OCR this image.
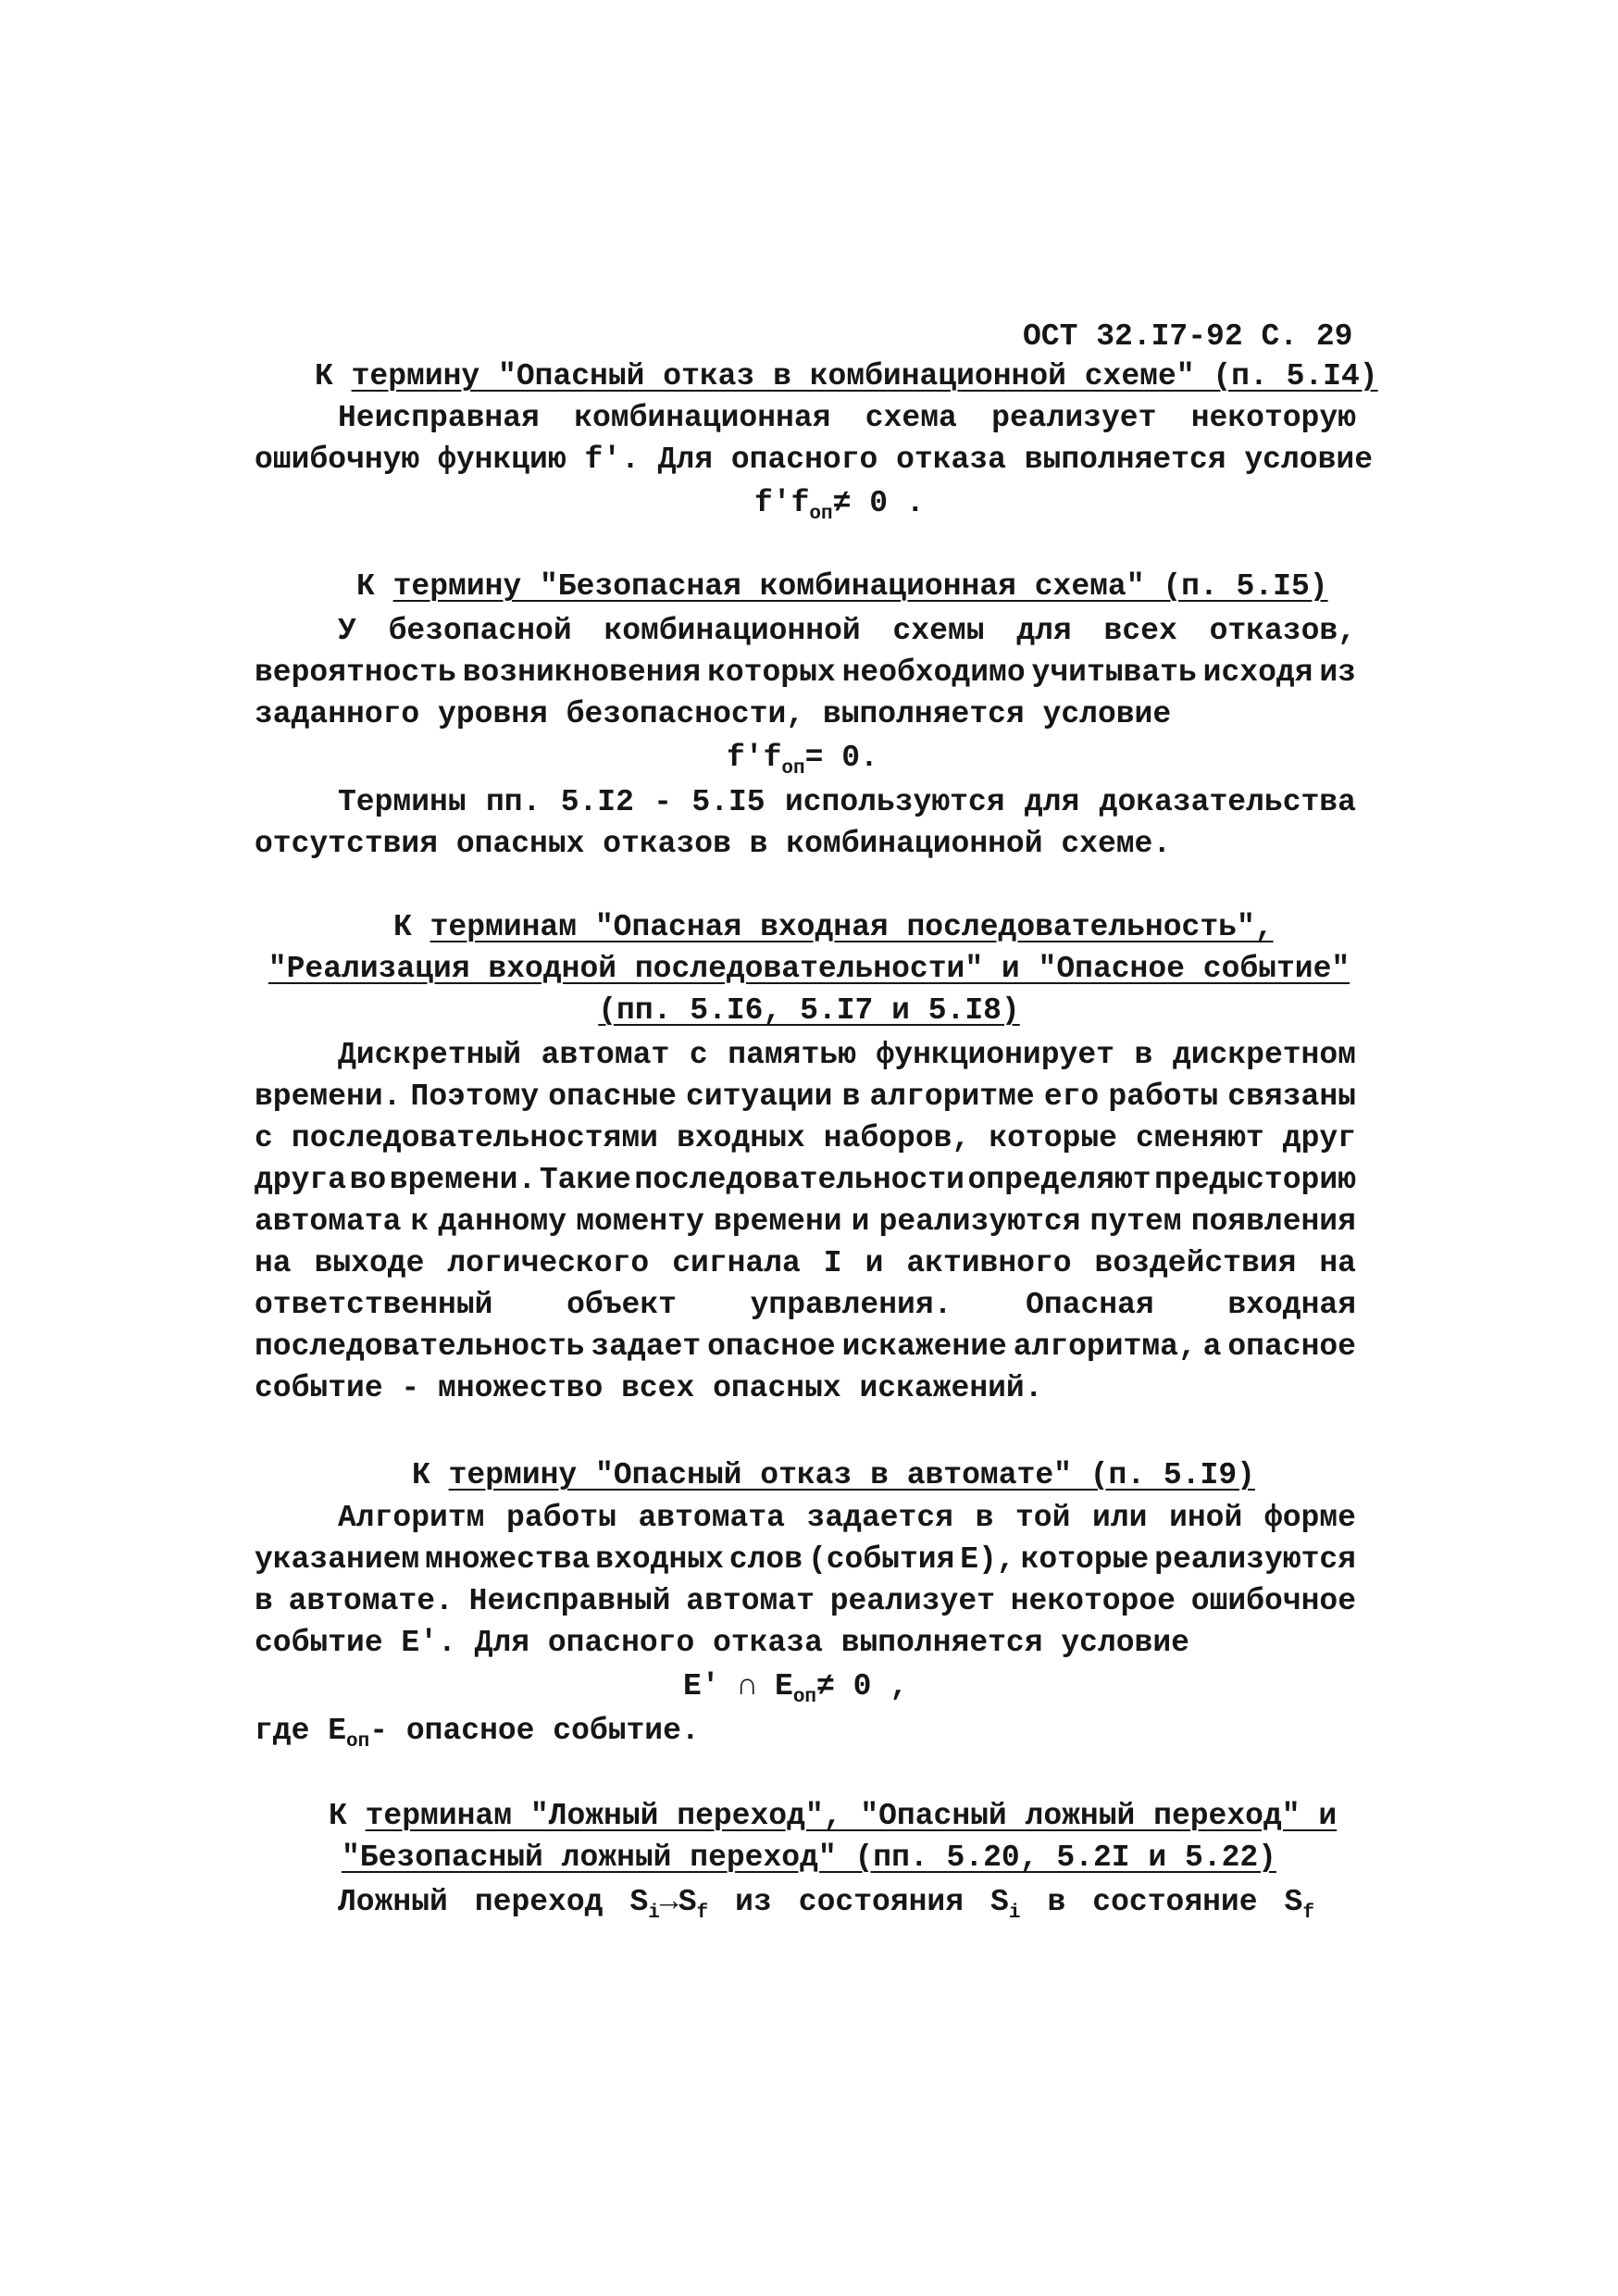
ОСТ 32.I7-92 С. 29
К термину "Опасный отказ в комбинационной схеме" (п. 5.I4)
Неисправная комбинационная схема реализует некоторую
ошибочную функцию f'. Для опасного отказа выполняется условие
$f'f_{оп}\ne 0$ .
К термину "Безопасная комбинационная схема" (п. 5.I5)
У безопасной комбинационной схемы для всех отказов,
вероятность возникновения которых необходимо учитывать исходя из
заданного уровня безопасности, выполняется условие
$f'f_{оп}= 0$.
Термины пп. 5.I2 - 5.I5 используются для доказательства
отсутствия опасных отказов в комбинационной схеме.
К терминам "Опасная входная последовательность",
"Реализация входной последовательности" и "Опасное событие"
(пп. 5.I6, 5.I7 и 5.I8)
Дискретный автомат с памятью функционирует в дискретном
времени. Поэтому опасные ситуации в алгоритме его работы связаны
с последовательностями входных наборов, которые сменяют друг
друга во времени. Такие последовательности определяют предысторию
автомата к данному моменту времени и реализуются путем появления
на выходе логического сигнала I и активного воздействия на
ответственный объект управления. Опасная входная
последовательность задает опасное искажение алгоритма, а опасное
событие - множество всех опасных искажений.
К термину "Опасный отказ в автомате" (п. 5.I9)
Алгоритм работы автомата задается в той или иной форме
указанием множества входных слов (события Е), которые реализуются
в автомате. Неисправный автомат реализует некоторое ошибочное
событие Е'. Для опасного отказа выполняется условие
Е' ∩ $Е_{оп}\ne 0$ ,
где $Е_{оп}-$ опасное событие.
К терминам "Ложный переход", "Опасный ложный переход" и
"Безопасный ложный переход" (пп. 5.20, 5.2I и 5.22)
Ложный переход $S_i\to S_f$ из состояния $S_i$ в состояние $S_f$
